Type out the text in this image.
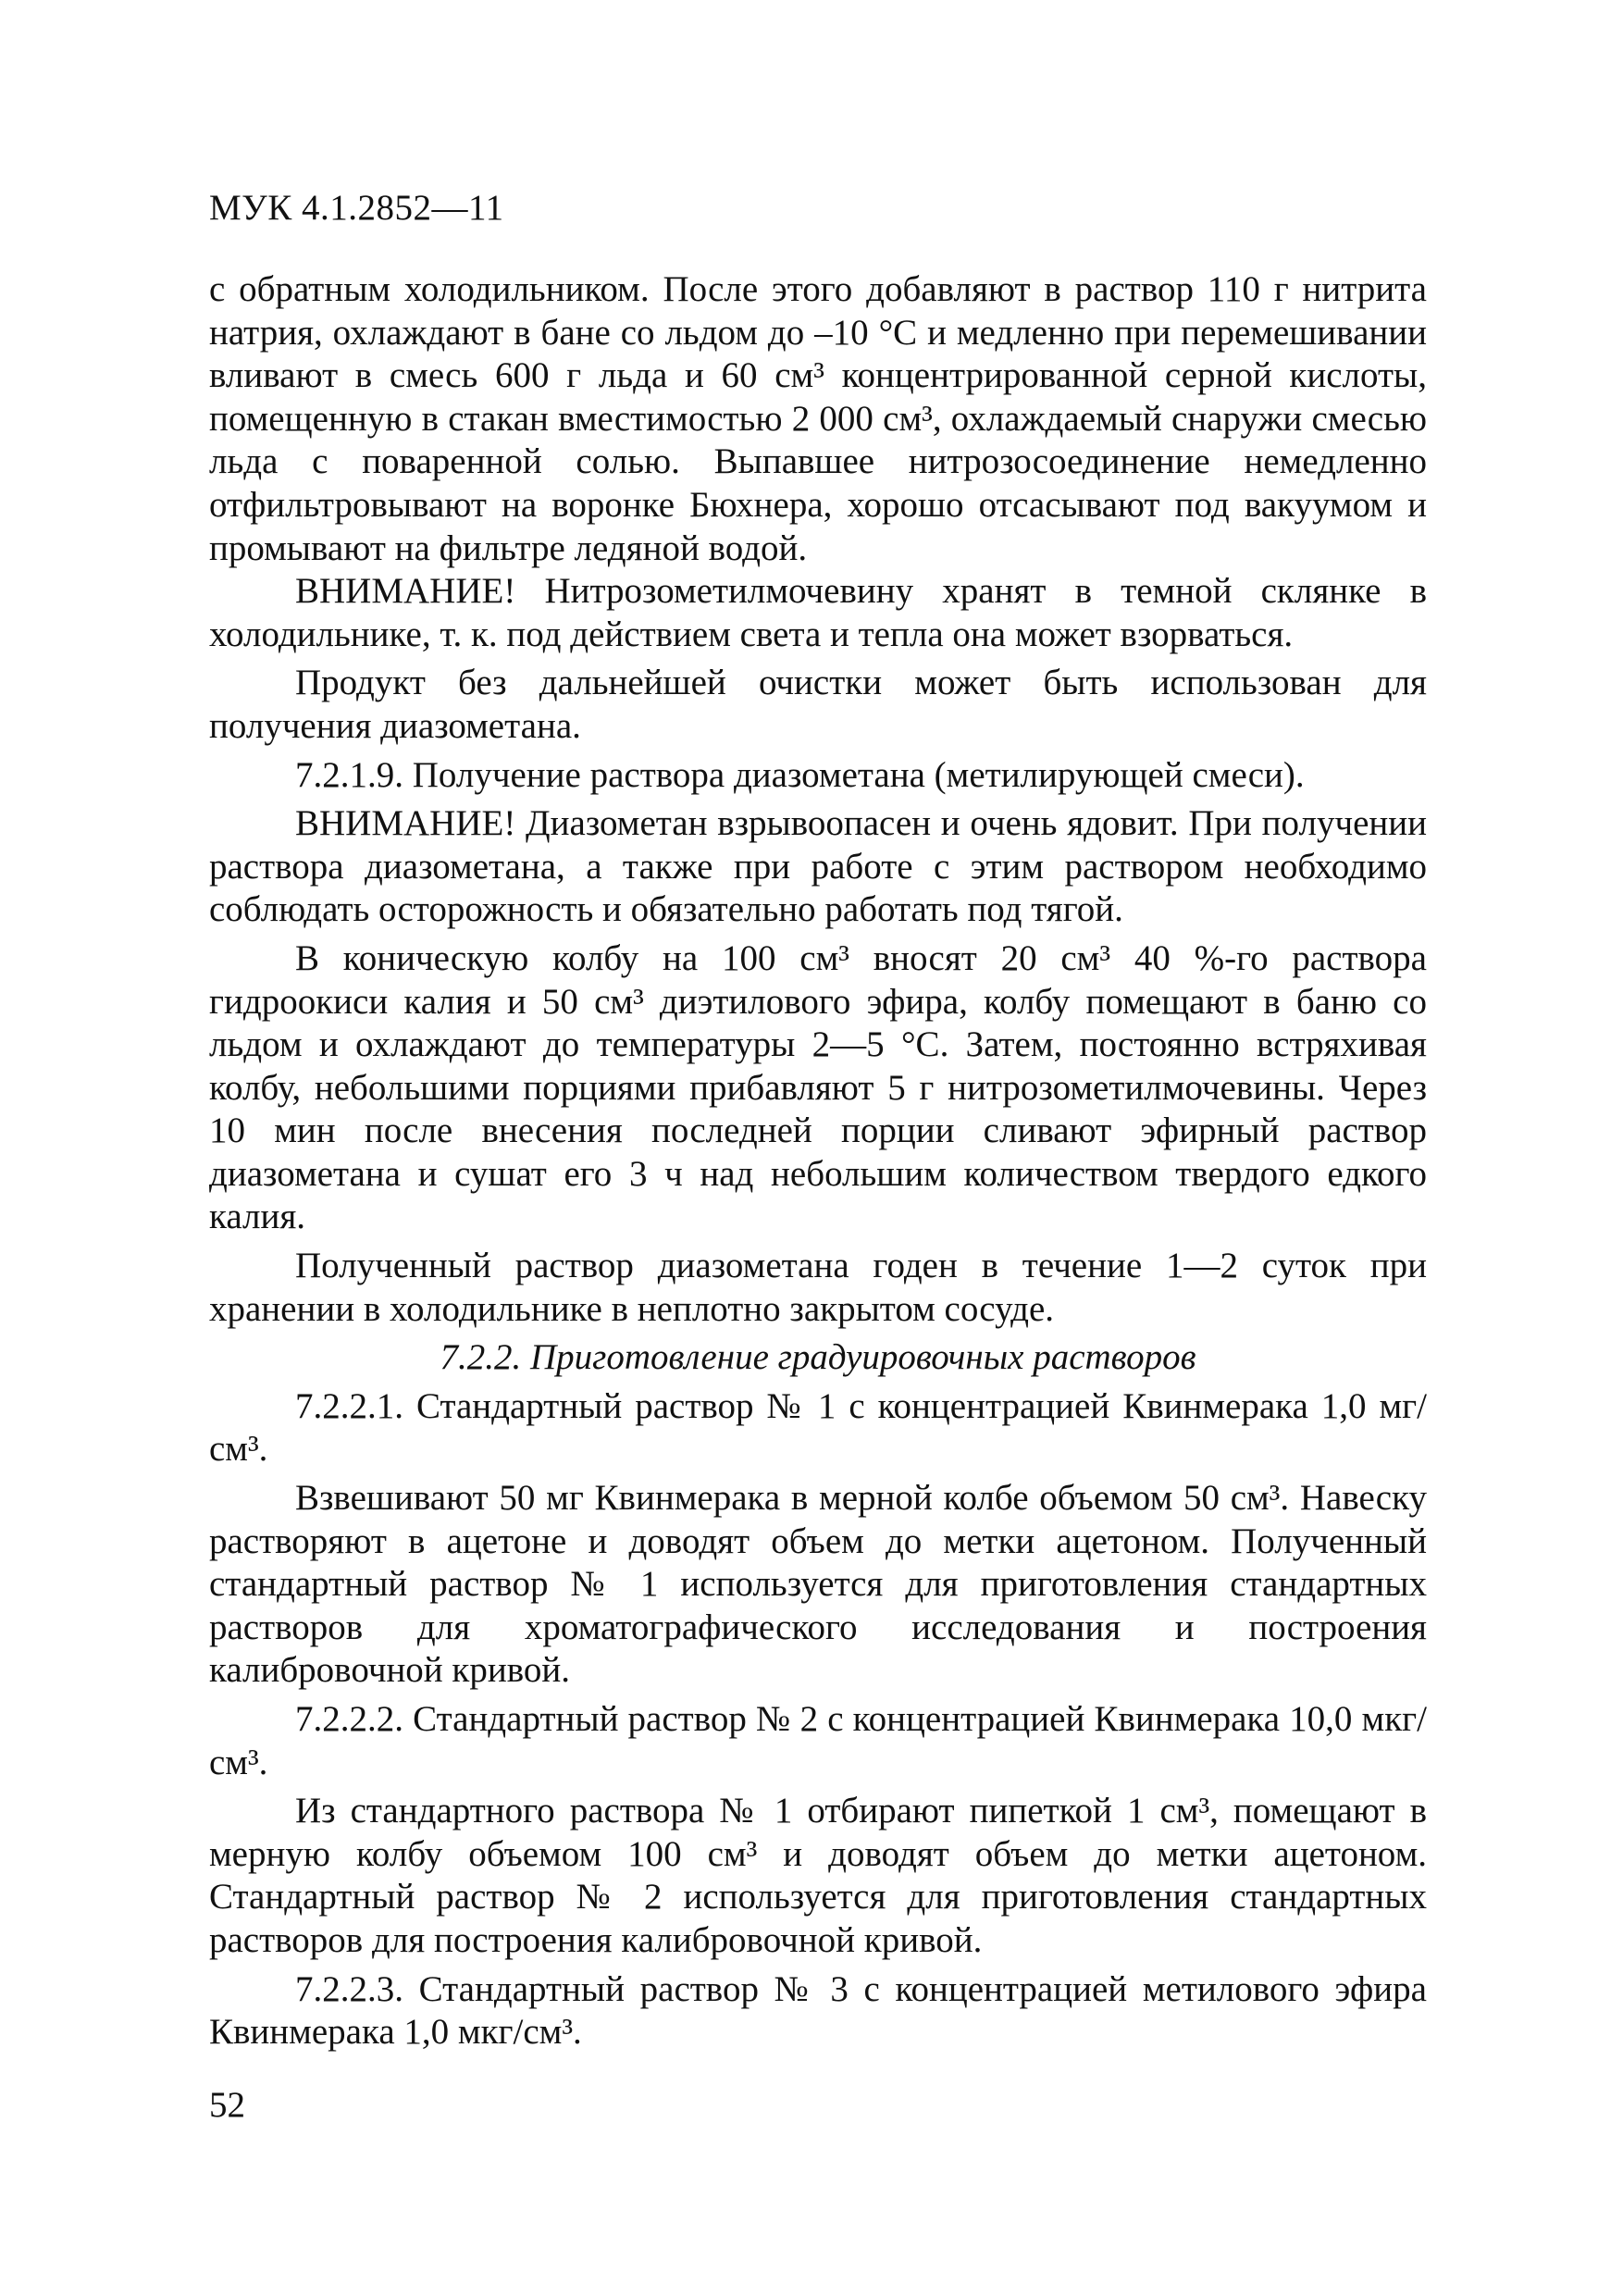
МУК 4.1.2852—11

с обратным холодильником. После этого добавляют в раствор 110 г нитрита натрия, охлаждают в бане со льдом до –10 °С и медленно при перемешивании вливают в смесь 600 г льда и 60 см³ концентрированной серной кислоты, помещенную в стакан вместимостью 2 000 см³, охлаждаемый снаружи смесью льда с поваренной солью. Выпавшее нитрозосоединение немедленно отфильтровывают на воронке Бюхнера, хорошо отсасывают под вакуумом и промывают на фильтре ледяной водой.

ВНИМАНИЕ! Нитрозометилмочевину хранят в темной склянке в холодильнике, т. к. под действием света и тепла она может взорваться.

Продукт без дальнейшей очистки может быть использован для получения диазометана.

7.2.1.9. Получение раствора диазометана (метилирующей смеси).

ВНИМАНИЕ! Диазометан взрывоопасен и очень ядовит. При получении раствора диазометана, а также при работе с этим раствором необходимо соблюдать осторожность и обязательно работать под тягой.

В коническую колбу на 100 см³ вносят 20 см³ 40 %-го раствора гидроокиси калия и 50 см³ диэтилового эфира, колбу помещают в баню со льдом и охлаждают до температуры 2—5 °С. Затем, постоянно встряхивая колбу, небольшими порциями прибавляют 5 г нитрозометилмочевины. Через 10 мин после внесения последней порции сливают эфирный раствор диазометана и сушат его 3 ч над небольшим количеством твердого едкого калия.

Полученный раствор диазометана годен в течение 1—2 суток при хранении в холодильнике в неплотно закрытом сосуде.

7.2.2. Приготовление градуировочных растворов

7.2.2.1. Стандартный раствор № 1 с концентрацией Квинмерака 1,0 мг/см³.

Взвешивают 50 мг Квинмерака в мерной колбе объемом 50 см³. Навеску растворяют в ацетоне и доводят объем до метки ацетоном. Полученный стандартный раствор № 1 используется для приготовления стандартных растворов для хроматографического исследования и построения калибровочной кривой.

7.2.2.2. Стандартный раствор № 2 с концентрацией Квинмерака 10,0 мкг/см³.

Из стандартного раствора № 1 отбирают пипеткой 1 см³, помещают в мерную колбу объемом 100 см³ и доводят объем до метки ацетоном. Стандартный раствор № 2 используется для приготовления стандартных растворов для построения калибровочной кривой.

7.2.2.3. Стандартный раствор № 3 с концентрацией метилового эфира Квинмерака 1,0 мкг/см³.

52
